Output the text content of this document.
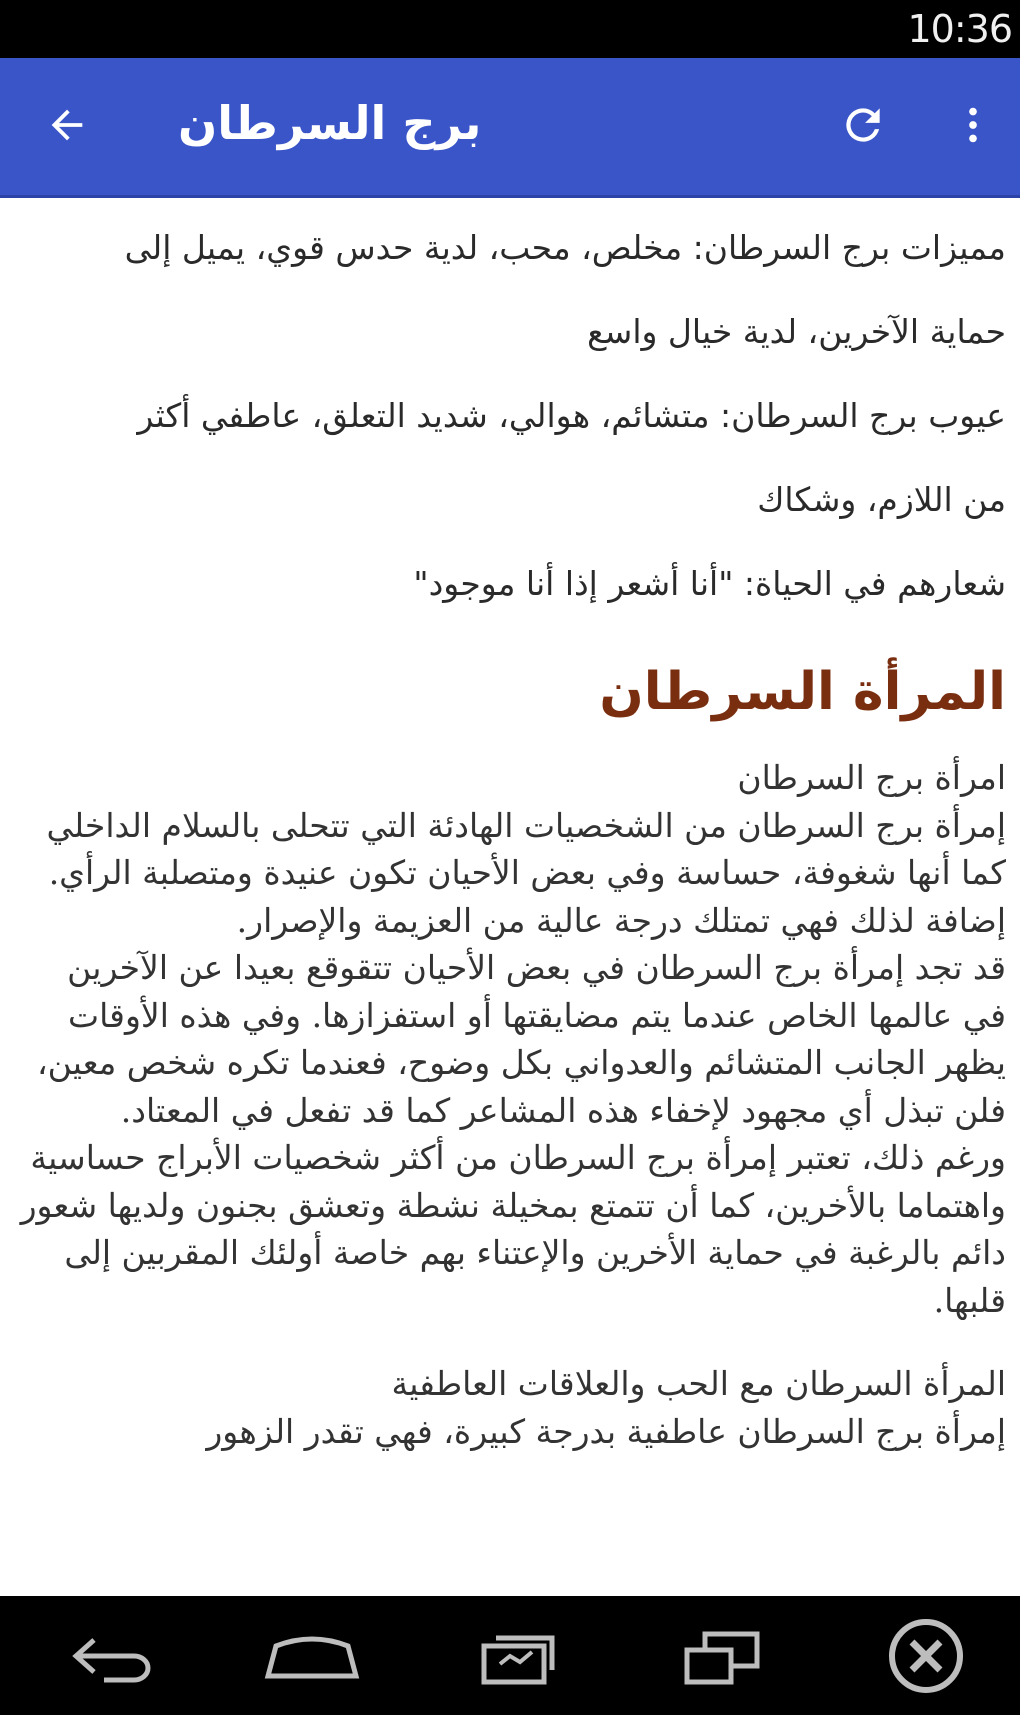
10:36
برج السرطان
مميزات برج السرطان: مخلص، محب، لدية حدس قوي، يميل إلى
حماية الآخرين، لدية خيال واسع
عيوب برج السرطان: متشائم، هوالي، شديد التعلق، عاطفي أكثر
من اللازم، وشكاك
شعارهم في الحياة: "أنا أشعر إذا أنا موجود"
المرأة السرطان

امرأة برج السرطان
إمرأة برج السرطان من الشخصيات الهادئة التي تتحلى بالسلام الداخلي كما أنها شغوفة، حساسة وفي بعض الأحيان تكون عنيدة ومتصلبة الرأي. إضافة لذلك فهي تمتلك درجة عالية من العزيمة والإصرار.
قد تجد إمرأة برج السرطان في بعض الأحيان تتقوقع بعيدا عن الآخرين في عالمها الخاص عندما يتم مضايقتها أو استفزازها. وفي هذه الأوقات يظهر الجانب المتشائم والعدواني بكل وضوح، فعندما تكره شخص معين، فلن تبذل أي مجهود لإخفاء هذه المشاعر كما قد تفعل في المعتاد.
ورغم ذلك، تعتبر إمرأة برج السرطان من أكثر شخصيات الأبراج حساسية واهتماما بالأخرين، كما أن تتمتع بمخيلة نشطة وتعشق بجنون ولديها شعور دائم بالرغبة في حماية الأخرين والإعتناء بهم خاصة أولئك المقربين إلى قلبها.

المرأة السرطان مع الحب والعلاقات العاطفية
إمرأة برج السرطان عاطفية بدرجة كبيرة، فهي تقدر الزهور
